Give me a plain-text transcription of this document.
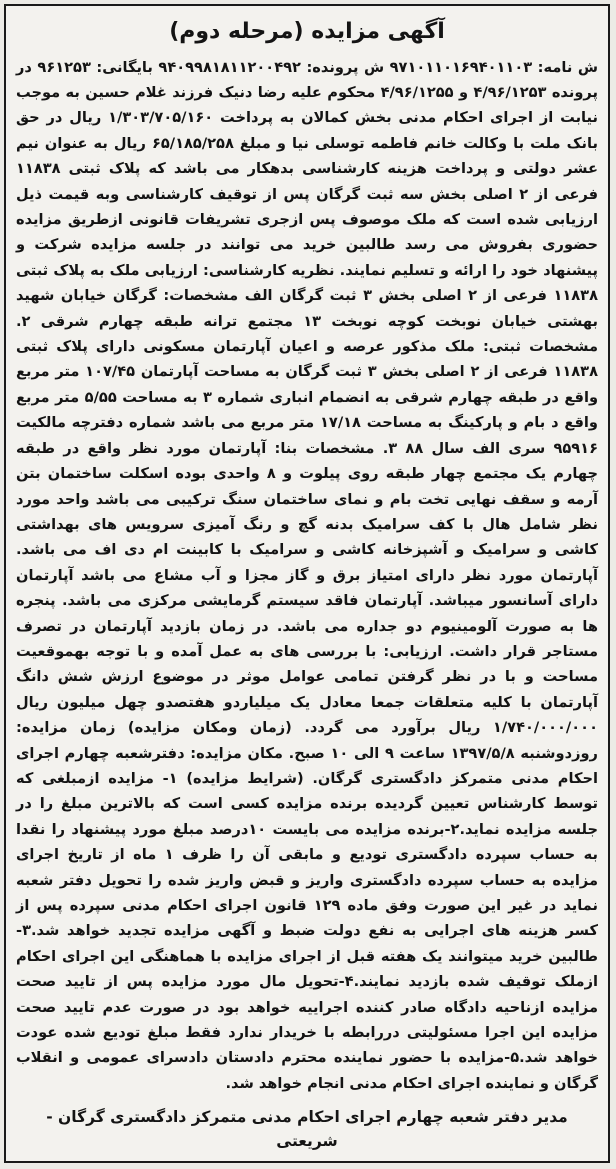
آگهی مزایده (مرحله دوم)

ش نامه: ۹۷۱۰۱۱۰۱۶۹۴۰۱۱۰۳ ش پرونده: ۹۴۰۹۹۸۱۸۱۱۲۰۰۴۹۲ بایگانی: ۹۶۱۲۵۳ در پرونده ۴/۹۶/۱۲۵۳ و ۴/۹۶/۱۲۵۵ محکوم علیه رضا دنیک فرزند غلام حسین به موجب نیابت از اجرای احکام مدنی بخش کمالان به پرداخت ۱/۳۰۳/۷۰۵/۱۶۰ ریال در حق بانک ملت با وکالت خانم فاطمه توسلی نیا و مبلغ ۶۵/۱۸۵/۲۵۸ ریال به عنوان نیم عشر دولتی و پرداخت هزینه کارشناسی بدهکار می باشد که پلاک ثبتی ۱۱۸۳۸ فرعی از ۲ اصلی بخش سه ثبت گرگان پس از توقیف کارشناسی وبه قیمت ذیل ارزیابی شده است که ملک موصوف پس ازجری تشریفات قانونی ازطریق مزایده حضوری بفروش می رسد طالبین خرید می توانند در جلسه مزایده شرکت و پیشنهاد خود را ارائه و تسلیم نمایند. نظریه کارشناسی: ارزیابی ملک به پلاک ثبتی ۱۱۸۳۸ فرعی از ۲ اصلی بخش ۳ ثبت گرگان الف مشخصات: گرگان خیابان شهید بهشتی خیابان نوبخت کوچه نوبخت ۱۳ مجتمع ترانه طبقه چهارم شرقی ۲. مشخصات ثبتی: ملک مذکور عرصه و اعیان آپارتمان مسکونی دارای پلاک ثبتی ۱۱۸۳۸ فرعی از ۲ اصلی بخش ۳ ثبت گرگان به مساحت آپارتمان ۱۰۷/۴۵ متر مربع واقع در طبقه چهارم شرقی به انضمام انباری شماره ۳ به مساحت ۵/۵۵ متر مربع واقع د بام و پارکینگ به مساحت ۱۷/۱۸ متر مربع می باشد شماره دفترچه مالکیت ۹۵۹۱۶ سری الف سال ۸۸ ۳. مشخصات بنا: آپارتمان مورد نظر واقع در طبقه چهارم یک مجتمع چهار طبقه روی پیلوت و ۸ واحدی بوده اسکلت ساختمان بتن آرمه و سقف نهایی تخت بام و نمای ساختمان سنگ ترکیبی می باشد واحد مورد نظر شامل هال با کف سرامیک بدنه گچ و رنگ آمیزی سرویس های بهداشتی کاشی و سرامیک و آشپزخانه کاشی و سرامیک با کابینت ام دی اف می باشد. آپارتمان مورد نظر دارای امتیاز برق و گاز مجزا و آب مشاع می باشد آپارتمان دارای آسانسور میباشد. آپارتمان فاقد سیستم گرمایشی مرکزی می باشد. پنجره ها به صورت آلومینیوم دو جداره می باشد. در زمان بازدید آپارتمان در تصرف مستاجر قرار داشت. ارزیابی: با بررسی های به عمل آمده و با توجه بهموقعیت مساحت و با در نظر گرفتن تمامی عوامل موثر در موضوع ارزش شش دانگ آپارتمان با کلیه متعلقات جمعا معادل یک میلیاردو هفتصدو چهل میلیون ریال ۱/۷۴۰/۰۰۰/۰۰۰ ریال برآورد می گردد. (زمان ومکان مزایده) زمان مزایده: روزدوشنبه ۱۳۹۷/۵/۸ ساعت ۹ الی ۱۰ صبح. مکان مزایده: دفترشعبه چهارم اجرای احکام مدنی متمرکز دادگستری گرگان. (شرایط مزایده) ۱- مزایده ازمبلغی که توسط کارشناس تعیین گردیده برنده مزایده کسی است که بالاترین مبلغ را در جلسه مزایده نماید.۲-برنده مزایده می بایست ۱۰درصد مبلغ مورد پیشنهاد را نقدا به حساب سپرده دادگستری تودیع و مابقی آن را ظرف ۱ ماه از تاریخ اجرای مزایده به حساب سپرده دادگستری واریز و قبض واریز شده را تحویل دفتر شعبه نماید در غیر این صورت وفق ماده ۱۲۹ قانون اجرای احکام مدنی سپرده پس از کسر هزینه های اجرایی به نفع دولت ضبط و آگهی مزایده تجدید خواهد شد.۳-طالبین خرید میتوانند یک هفته قبل از اجرای مزایده با هماهنگی این اجرای احکام ازملک توقیف شده بازدید نمایند.۴-تحویل مال مورد مزایده پس از تایید صحت مزایده ازناحیه دادگاه صادر کننده اجراییه خواهد بود در صورت عدم تایید صحت مزایده این اجرا مسئولیتی دررابطه با خریدار ندارد فقط مبلغ تودیع شده عودت خواهد شد.۵-مزایده با حضور نماینده محترم دادستان دادسرای عمومی و انقلاب گرگان و نماینده اجرای احکام مدنی انجام خواهد شد.

مدیر دفتر شعبه چهارم اجرای احکام مدنی متمرکز دادگستری گرگان - شریعتی
